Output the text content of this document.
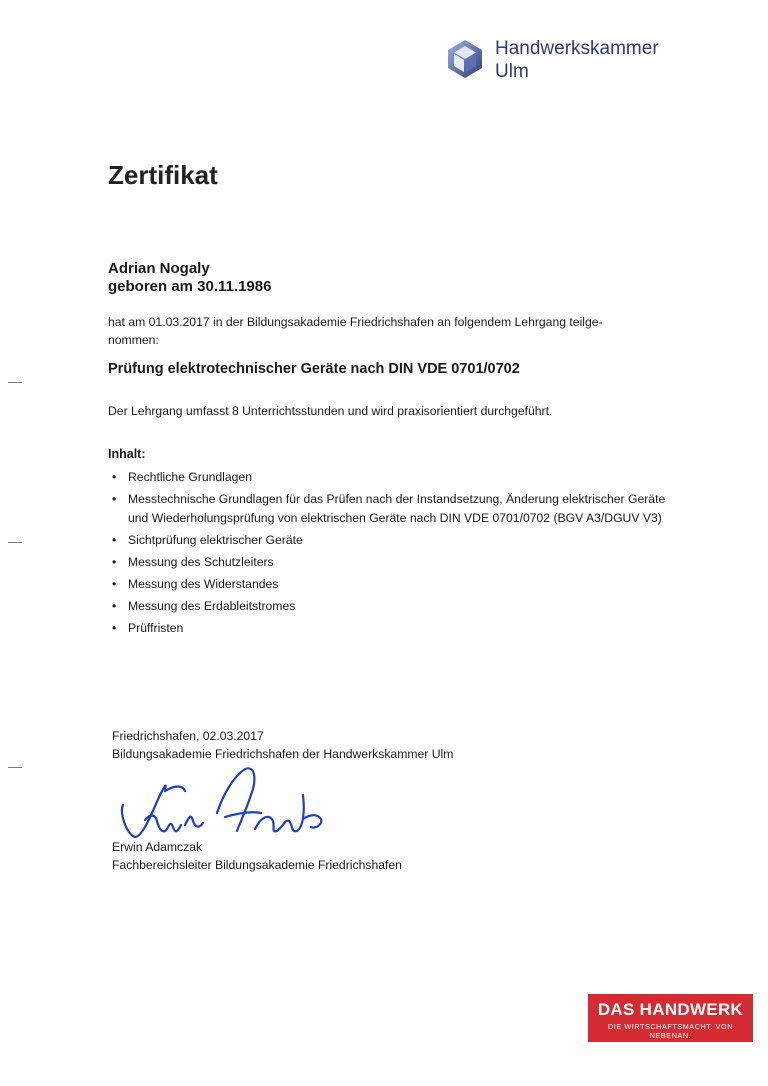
Handwerkskammer
Ulm
Zertifikat
Adrian Nogaly
geboren am 30.11.1986
hat am 01.03.2017 in der Bildungsakademie Friedrichshafen an folgendem Lehrgang teilge-
nommen:
Prüfung elektrotechnischer Geräte nach DIN VDE 0701/0702
Der Lehrgang umfasst 8 Unterrichtsstunden und wird praxisorientiert durchgeführt.
Inhalt:
• Rechtliche Grundlagen
• Messtechnische Grundlagen für das Prüfen nach der Instandsetzung, Änderung elektrischer Geräte und Wiederholungsprüfung von elektrischen Geräte nach DIN VDE 0701/0702 (BGV A3/DGUV V3)
• Sichtprüfung elektrischer Geräte
• Messung des Schutzleiters
• Messung des Widerstandes
• Messung des Erdableitstromes
• Prüffristen
Friedrichshafen, 02.03.2017
Bildungsakademie Friedrichshafen der Handwerkskammer Ulm
Erwin Adamczak
Fachbereichsleiter Bildungsakademie Friedrichshafen
DAS HANDWERK
DIE WIRTSCHAFTSMACHT. VON NEBENAN.
